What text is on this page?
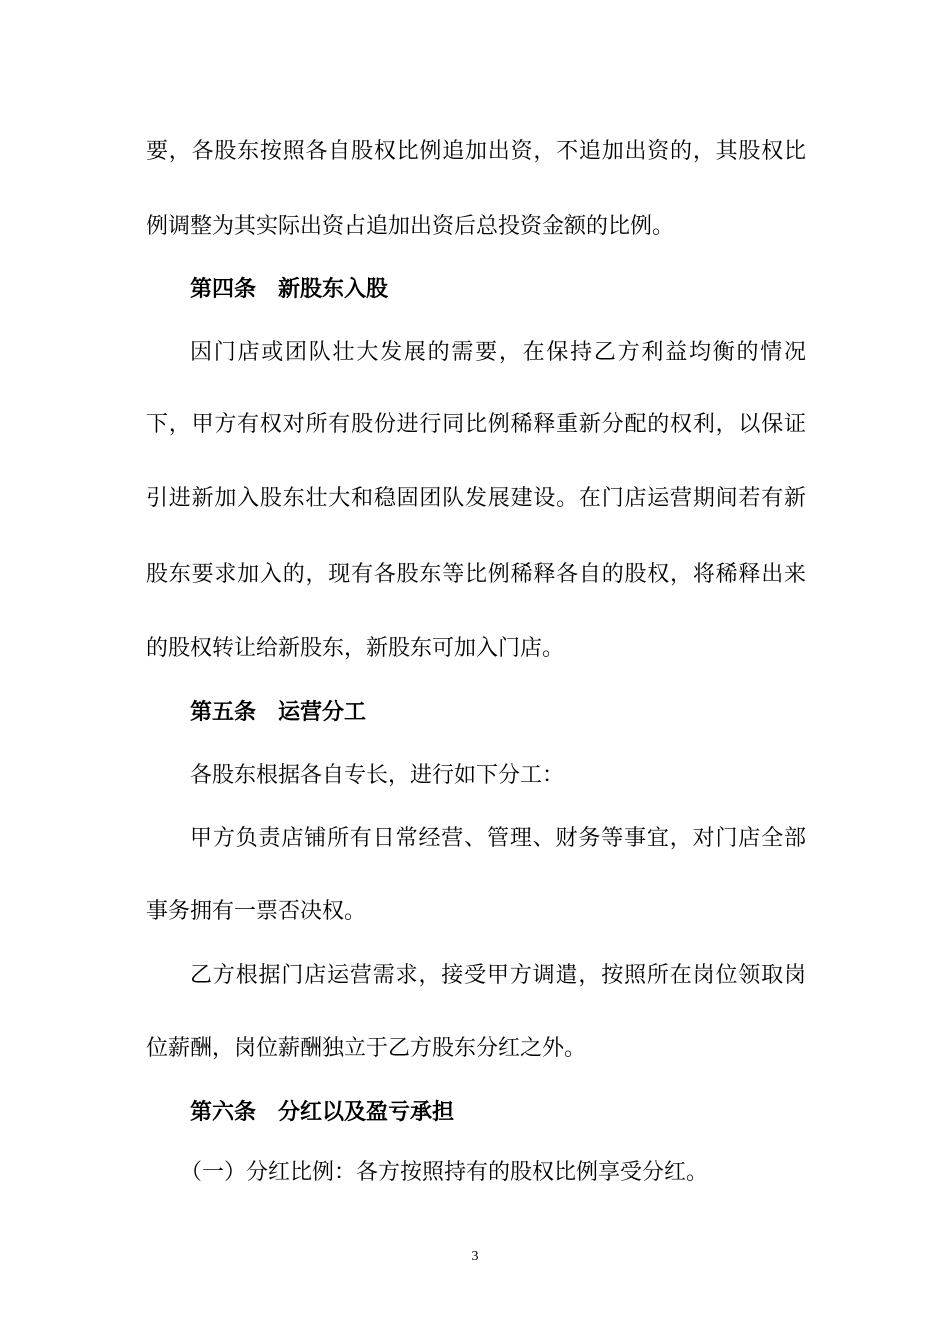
要，各股东按照各自股权比例追加出资，不追加出资的，其股权比

例调整为其实际出资占追加出资后总投资金额的比例。

第四条 新股东入股

因门店或团队壮大发展的需要，在保持乙方利益均衡的情况

下，甲方有权对所有股份进行同比例稀释重新分配的权利，以保证

引进新加入股东壮大和稳固团队发展建设。在门店运营期间若有新

股东要求加入的，现有各股东等比例稀释各自的股权，将稀释出来

的股权转让给新股东，新股东可加入门店。

第五条 运营分工

各股东根据各自专长，进行如下分工：

甲方负责店铺所有日常经营、管理、财务等事宜，对门店全部

事务拥有一票否决权。

乙方根据门店运营需求，接受甲方调遣，按照所在岗位领取岗

位薪酬，岗位薪酬独立于乙方股东分红之外。

第六条 分红以及盈亏承担

（一）分红比例：各方按照持有的股权比例享受分红。

3
